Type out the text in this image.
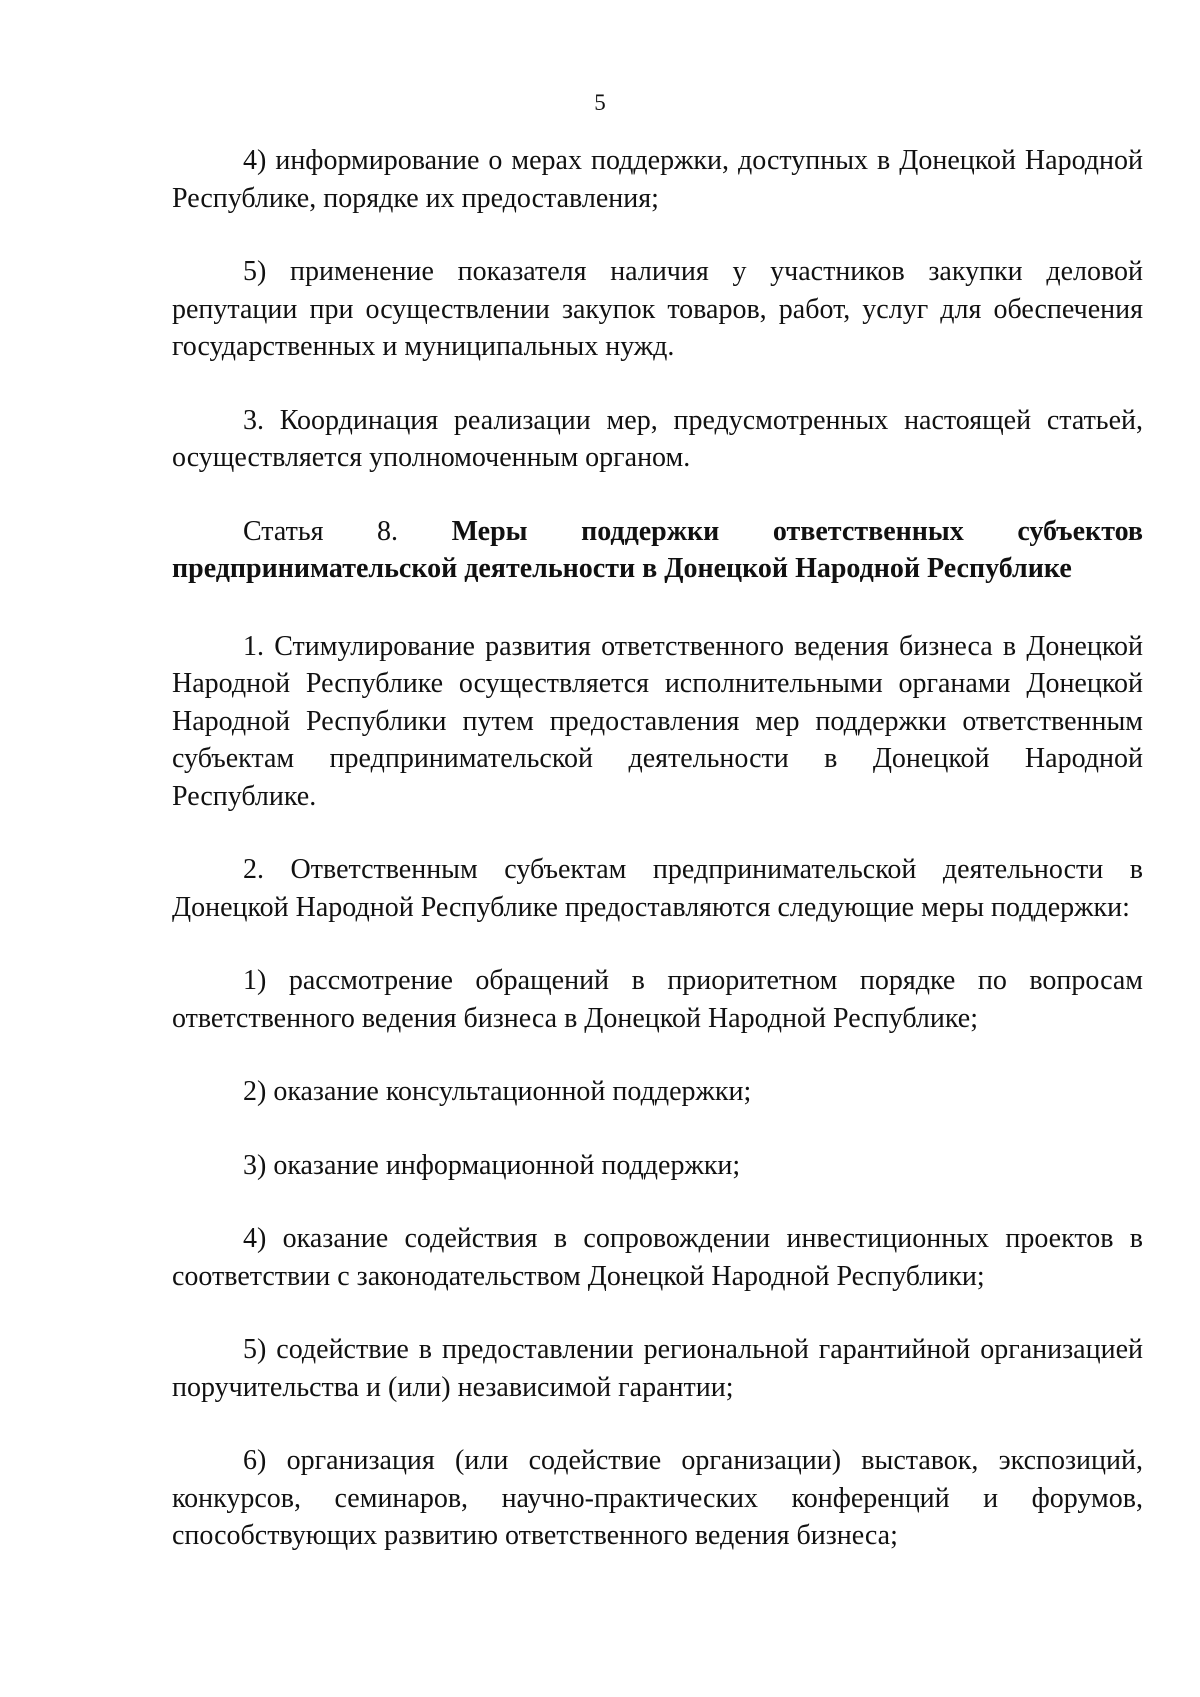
5

4) информирование о мерах поддержки, доступных в Донецкой Народной Республике, порядке их предоставления;

5) применение показателя наличия у участников закупки деловой репутации при осуществлении закупок товаров, работ, услуг для обеспечения государственных и муниципальных нужд.

3. Координация реализации мер, предусмотренных настоящей статьей, осуществляется уполномоченным органом.

Статья 8. Меры поддержки ответственных субъектов предпринимательской деятельности в Донецкой Народной Республике

1. Стимулирование развития ответственного ведения бизнеса в Донецкой Народной Республике осуществляется исполнительными органами Донецкой Народной Республики путем предоставления мер поддержки ответственным субъектам предпринимательской деятельности в Донецкой Народной Республике.

2. Ответственным субъектам предпринимательской деятельности в Донецкой Народной Республике предоставляются следующие меры поддержки:

1) рассмотрение обращений в приоритетном порядке по вопросам ответственного ведения бизнеса в Донецкой Народной Республике;

2) оказание консультационной поддержки;

3) оказание информационной поддержки;

4) оказание содействия в сопровождении инвестиционных проектов в соответствии с законодательством Донецкой Народной Республики;

5) содействие в предоставлении региональной гарантийной организацией поручительства и (или) независимой гарантии;

6) организация (или содействие организации) выставок, экспозиций, конкурсов, семинаров, научно-практических конференций и форумов, способствующих развитию ответственного ведения бизнеса;
